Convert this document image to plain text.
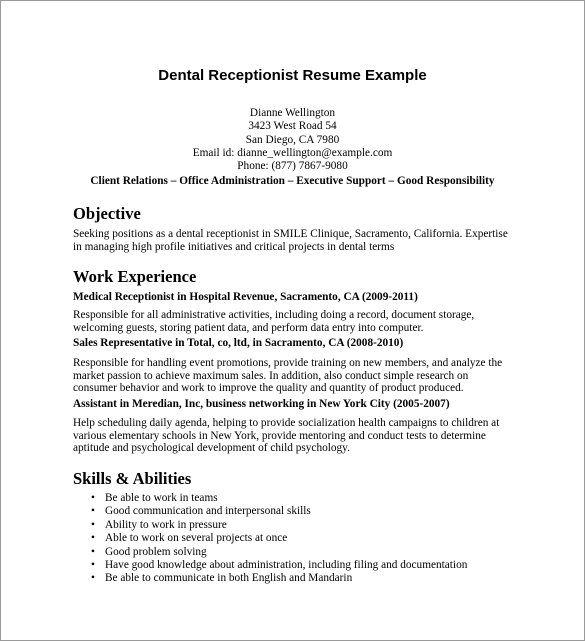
Dental Receptionist Resume Example
Dianne Wellington
3423 West Road 54
San Diego, CA 7980
Email id: dianne_wellington@example.com
Phone: (877) 7867-9080
Client Relations – Office Administration – Executive Support – Good Responsibility
Objective
Seeking positions as a dental receptionist in SMILE Clinique, Sacramento, California. Expertise in managing high profile initiatives and critical projects in dental terms
Work Experience
Medical Receptionist in Hospital Revenue, Sacramento, CA (2009-2011)
Responsible for all administrative activities, including doing a record, document storage, welcoming guests, storing patient data, and perform data entry into computer.
Sales Representative in Total, co, ltd, in Sacramento, CA (2008-2010)
Responsible for handling event promotions, provide training on new members, and analyze the market passion to achieve maximum sales. In addition, also conduct simple research on consumer behavior and work to improve the quality and quantity of product produced.
Assistant in Meredian, Inc, business networking in New York City (2005-2007)
Help scheduling daily agenda, helping to provide socialization health campaigns to children at various elementary schools in New York, provide mentoring and conduct tests to determine aptitude and psychological development of child psychology.
Skills & Abilities
• Be able to work in teams
• Good communication and interpersonal skills
• Ability to work in pressure
• Able to work on several projects at once
• Good problem solving
• Have good knowledge about administration, including filing and documentation
• Be able to communicate in both English and Mandarin
